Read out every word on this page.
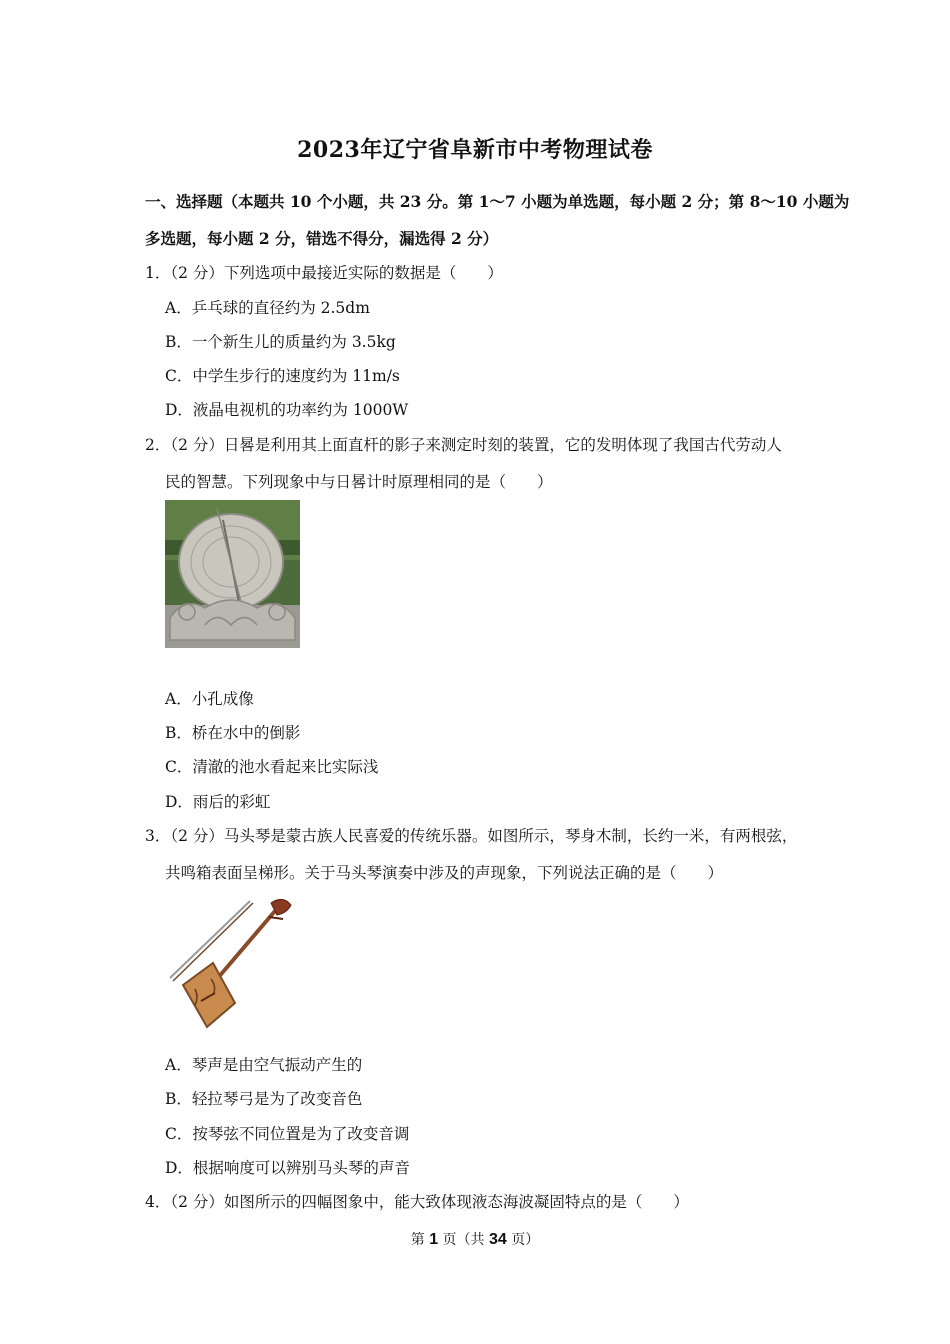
2023年辽宁省阜新市中考物理试卷
一、选择题（本题共 10 个小题，共 23 分。第 1～7 小题为单选题，每小题 2 分；第 8～10 小题为
多选题，每小题 2 分，错选不得分，漏选得 2 分）
1．（2 分）下列选项中最接近实际的数据是（　　）
A．乒乓球的直径约为 2.5dm
B．一个新生儿的质量约为 3.5kg
C．中学生步行的速度约为 11m/s
D．液晶电视机的功率约为 1000W
2．（2 分）日晷是利用其上面直杆的影子来测定时刻的装置，它的发明体现了我国古代劳动人
民的智慧。下列现象中与日晷计时原理相同的是（　　）
A．小孔成像
B．桥在水中的倒影
C．清澈的池水看起来比实际浅
D．雨后的彩虹
3．（2 分）马头琴是蒙古族人民喜爱的传统乐器。如图所示，琴身木制，长约一米，有两根弦，
共鸣箱表面呈梯形。关于马头琴演奏中涉及的声现象，下列说法正确的是（　　）
A．琴声是由空气振动产生的
B．轻拉琴弓是为了改变音色
C．按琴弦不同位置是为了改变音调
D．根据响度可以辨别马头琴的声音
4．（2 分）如图所示的四幅图象中，能大致体现液态海波凝固特点的是（　　）
第 1 页（共 34 页）
